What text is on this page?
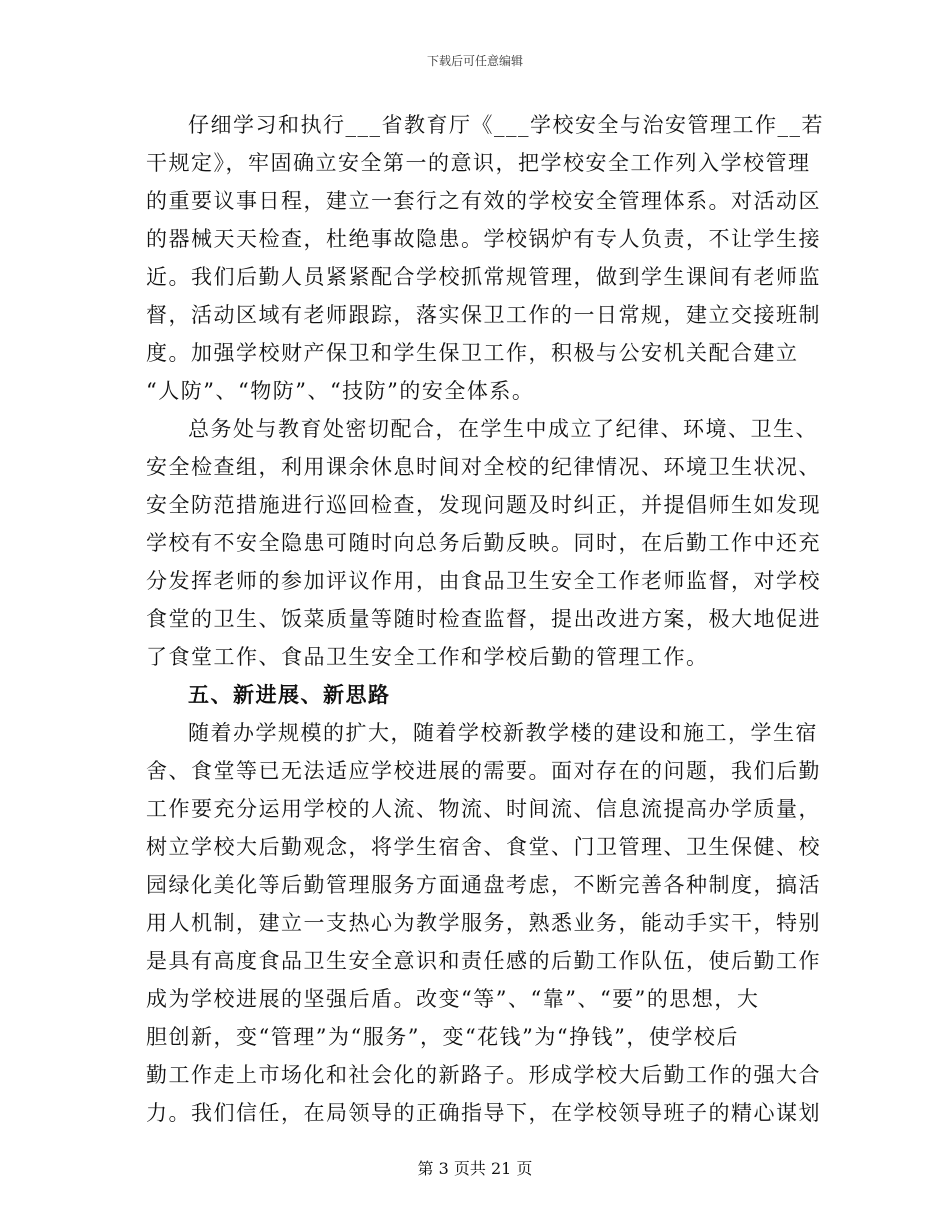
下载后可任意编辑
仔细学习和执行___省教育厅《___学校安全与治安管理工作__若
干规定》，牢固确立安全第一的意识，把学校安全工作列入学校管理
的重要议事日程，建立一套行之有效的学校安全管理体系。对活动区
的器械天天检查，杜绝事故隐患。学校锅炉有专人负责，不让学生接
近。我们后勤人员紧紧配合学校抓常规管理，做到学生课间有老师监
督，活动区域有老师跟踪，落实保卫工作的一日常规，建立交接班制
度。加强学校财产保卫和学生保卫工作，积极与公安机关配合建立
“人防”、“物防”、“技防”的安全体系。
总务处与教育处密切配合，在学生中成立了纪律、环境、卫生、
安全检查组，利用课余休息时间对全校的纪律情况、环境卫生状况、
安全防范措施进行巡回检查，发现问题及时纠正，并提倡师生如发现
学校有不安全隐患可随时向总务后勤反映。同时，在后勤工作中还充
分发挥老师的参加评议作用，由食品卫生安全工作老师监督，对学校
食堂的卫生、饭菜质量等随时检查监督，提出改进方案，极大地促进
了食堂工作、食品卫生安全工作和学校后勤的管理工作。
五、新进展、新思路
随着办学规模的扩大，随着学校新教学楼的建设和施工，学生宿
舍、食堂等已无法适应学校进展的需要。面对存在的问题，我们后勤
工作要充分运用学校的人流、物流、时间流、信息流提高办学质量，
树立学校大后勤观念，将学生宿舍、食堂、门卫管理、卫生保健、校
园绿化美化等后勤管理服务方面通盘考虑，不断完善各种制度，搞活
用人机制，建立一支热心为教学服务，熟悉业务，能动手实干，特别
是具有高度食品卫生安全意识和责任感的后勤工作队伍，使后勤工作
成为学校进展的坚强后盾。改变“等”、“靠”、“要”的思想，大
胆创新，变“管理”为“服务”，变“花钱”为“挣钱”，使学校后
勤工作走上市场化和社会化的新路子。形成学校大后勤工作的强大合
力。我们信任，在局领导的正确指导下，在学校领导班子的精心谋划
第 3 页共 21 页
